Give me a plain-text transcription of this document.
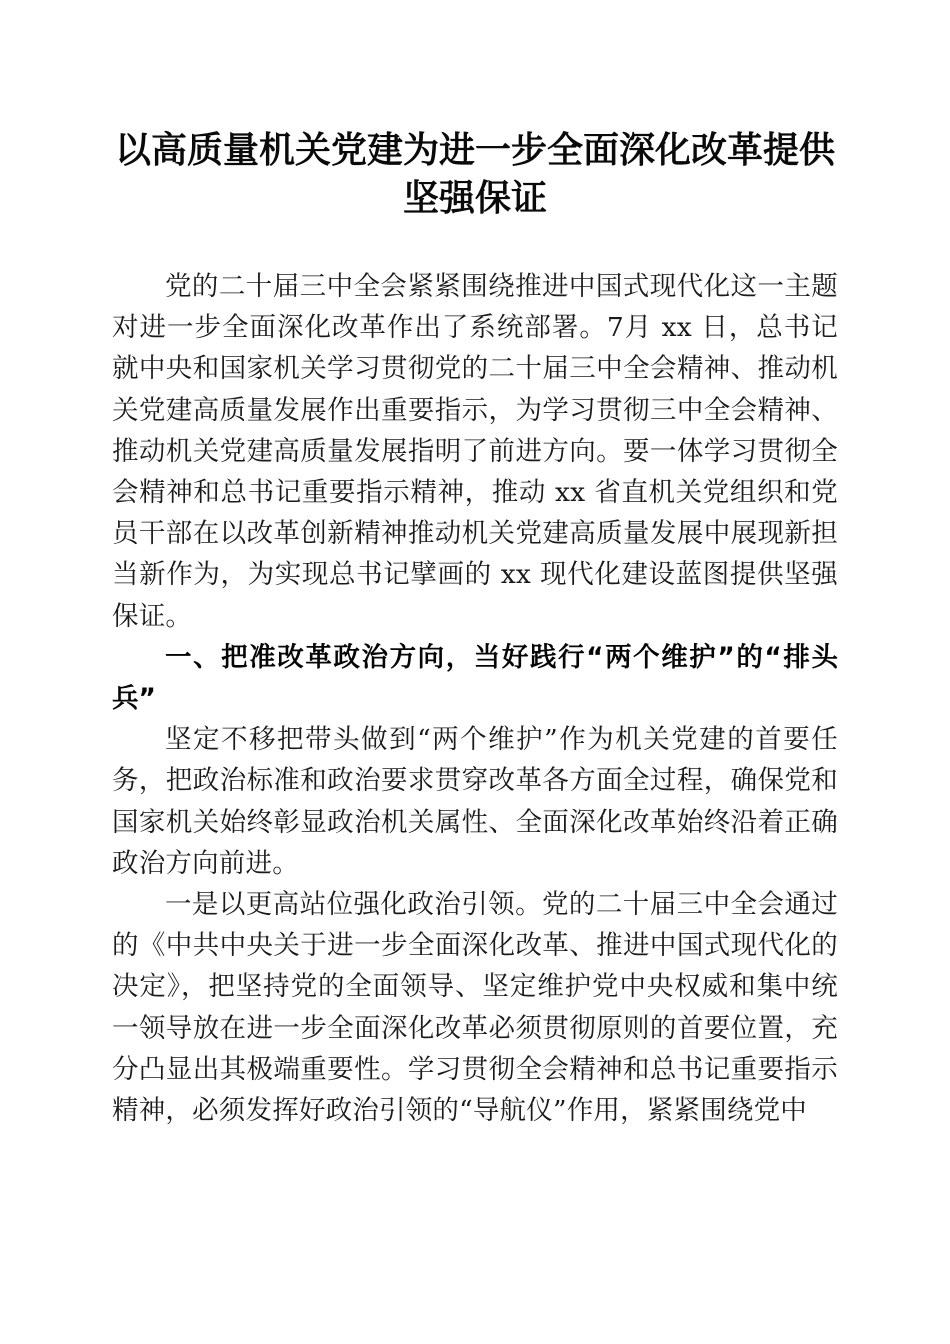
以高质量机关党建为进一步全面深化改革提供坚强保证

党的二十届三中全会紧紧围绕推进中国式现代化这一主题对进一步全面深化改革作出了系统部署。7月 xx 日，总书记就中央和国家机关学习贯彻党的二十届三中全会精神、推动机关党建高质量发展作出重要指示，为学习贯彻三中全会精神、推动机关党建高质量发展指明了前进方向。要一体学习贯彻全会精神和总书记重要指示精神，推动 xx 省直机关党组织和党员干部在以改革创新精神推动机关党建高质量发展中展现新担当新作为，为实现总书记擘画的 xx 现代化建设蓝图提供坚强保证。

一、把准改革政治方向，当好践行“两个维护”的“排头兵”

坚定不移把带头做到“两个维护”作为机关党建的首要任务，把政治标准和政治要求贯穿改革各方面全过程，确保党和国家机关始终彰显政治机关属性、全面深化改革始终沿着正确政治方向前进。

一是以更高站位强化政治引领。党的二十届三中全会通过的《中共中央关于进一步全面深化改革、推进中国式现代化的决定》，把坚持党的全面领导、坚定维护党中央权威和集中统一领导放在进一步全面深化改革必须贯彻原则的首要位置，充分凸显出其极端重要性。学习贯彻全会精神和总书记重要指示精神，必须发挥好政治引领的“导航仪”作用，紧紧围绕党中
